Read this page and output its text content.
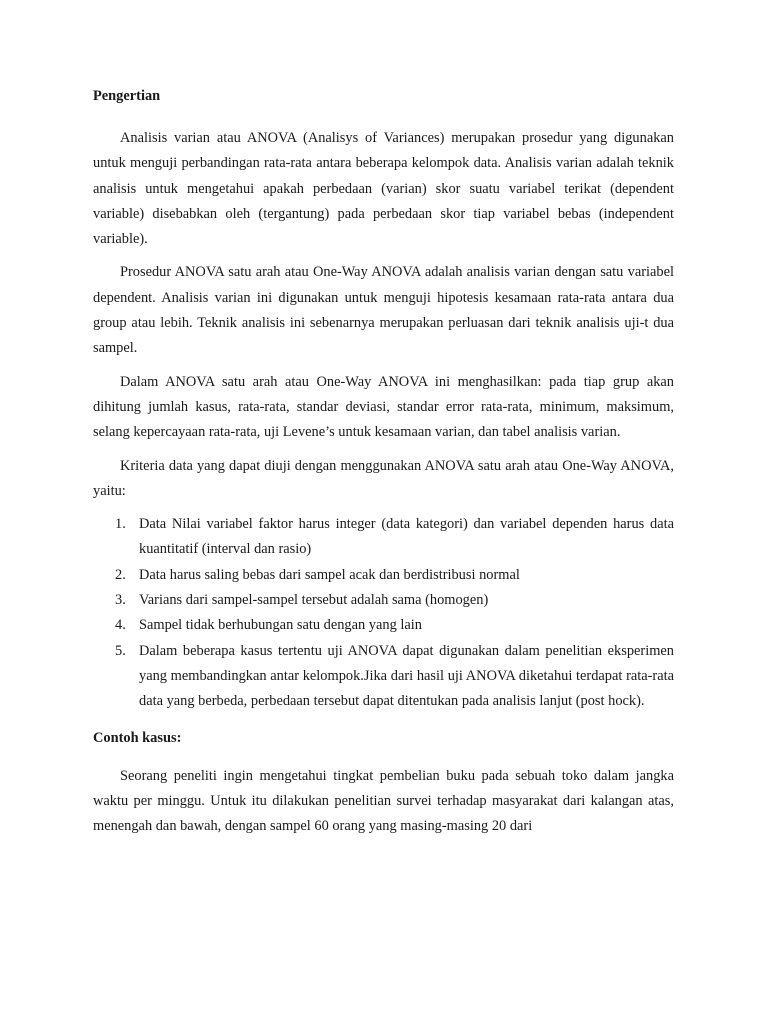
Pengertian

Analisis varian atau ANOVA (Analisys of Variances) merupakan prosedur yang digunakan untuk menguji perbandingan rata-rata antara beberapa kelompok data. Analisis varian adalah teknik analisis untuk mengetahui apakah perbedaan (varian) skor suatu variabel terikat (dependent variable) disebabkan oleh (tergantung) pada perbedaan skor tiap variabel bebas (independent variable).

Prosedur ANOVA satu arah atau One-Way ANOVA adalah analisis varian dengan satu variabel dependent. Analisis varian ini digunakan untuk menguji hipotesis kesamaan rata-rata antara dua group atau lebih. Teknik analisis ini sebenarnya merupakan perluasan dari teknik analisis uji-t dua sampel.

Dalam ANOVA satu arah atau One-Way ANOVA ini menghasilkan: pada tiap grup akan dihitung jumlah kasus, rata-rata, standar deviasi, standar error rata-rata, minimum, maksimum, selang kepercayaan rata-rata, uji Levene’s untuk kesamaan varian, dan tabel analisis varian.

Kriteria data yang dapat diuji dengan menggunakan ANOVA satu arah atau One-Way ANOVA, yaitu:

1. Data Nilai variabel faktor harus integer (data kategori) dan variabel dependen harus data kuantitatif (interval dan rasio)
2. Data harus saling bebas dari sampel acak dan berdistribusi normal
3. Varians dari sampel-sampel tersebut adalah sama (homogen)
4. Sampel tidak berhubungan satu dengan yang lain
5. Dalam beberapa kasus tertentu uji ANOVA dapat digunakan dalam penelitian eksperimen yang membandingkan antar kelompok.Jika dari hasil uji ANOVA diketahui terdapat rata-rata data yang berbeda, perbedaan tersebut dapat ditentukan pada analisis lanjut (post hock).
Contoh kasus:

Seorang peneliti ingin mengetahui tingkat pembelian buku pada sebuah toko dalam jangka waktu per minggu. Untuk itu dilakukan penelitian survei terhadap masyarakat dari kalangan atas, menengah dan bawah, dengan sampel 60 orang yang masing-masing 20 dari
